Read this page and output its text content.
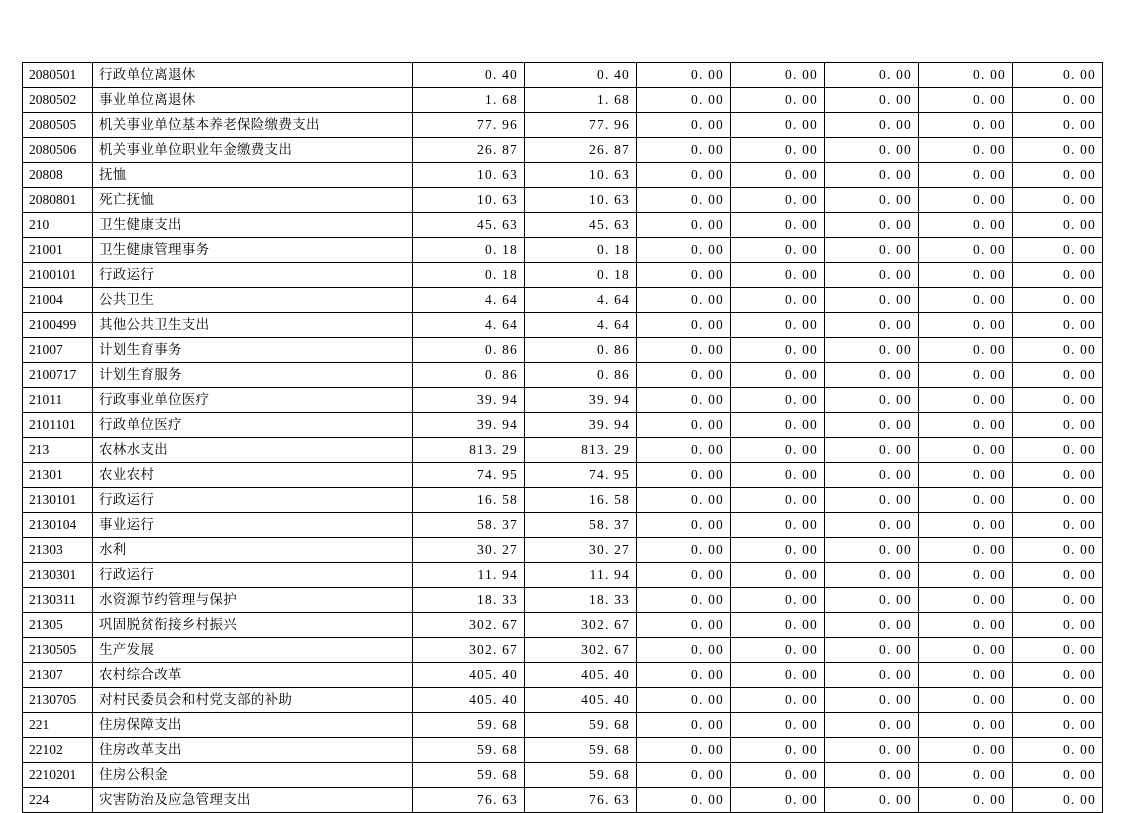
2080501	行政单位离退休	0. 40	0. 40	0. 00	0. 00	0. 00	0. 00	0. 00
2080502	事业单位离退休	1. 68	1. 68	0. 00	0. 00	0. 00	0. 00	0. 00
2080505	机关事业单位基本养老保险缴费支出	77. 96	77. 96	0. 00	0. 00	0. 00	0. 00	0. 00
2080506	机关事业单位职业年金缴费支出	26. 87	26. 87	0. 00	0. 00	0. 00	0. 00	0. 00
20808	抚恤	10. 63	10. 63	0. 00	0. 00	0. 00	0. 00	0. 00
2080801	死亡抚恤	10. 63	10. 63	0. 00	0. 00	0. 00	0. 00	0. 00
210	卫生健康支出	45. 63	45. 63	0. 00	0. 00	0. 00	0. 00	0. 00
21001	卫生健康管理事务	0. 18	0. 18	0. 00	0. 00	0. 00	0. 00	0. 00
2100101	行政运行	0. 18	0. 18	0. 00	0. 00	0. 00	0. 00	0. 00
21004	公共卫生	4. 64	4. 64	0. 00	0. 00	0. 00	0. 00	0. 00
2100499	其他公共卫生支出	4. 64	4. 64	0. 00	0. 00	0. 00	0. 00	0. 00
21007	计划生育事务	0. 86	0. 86	0. 00	0. 00	0. 00	0. 00	0. 00
2100717	计划生育服务	0. 86	0. 86	0. 00	0. 00	0. 00	0. 00	0. 00
21011	行政事业单位医疗	39. 94	39. 94	0. 00	0. 00	0. 00	0. 00	0. 00
2101101	行政单位医疗	39. 94	39. 94	0. 00	0. 00	0. 00	0. 00	0. 00
213	农林水支出	813. 29	813. 29	0. 00	0. 00	0. 00	0. 00	0. 00
21301	农业农村	74. 95	74. 95	0. 00	0. 00	0. 00	0. 00	0. 00
2130101	行政运行	16. 58	16. 58	0. 00	0. 00	0. 00	0. 00	0. 00
2130104	事业运行	58. 37	58. 37	0. 00	0. 00	0. 00	0. 00	0. 00
21303	水利	30. 27	30. 27	0. 00	0. 00	0. 00	0. 00	0. 00
2130301	行政运行	11. 94	11. 94	0. 00	0. 00	0. 00	0. 00	0. 00
2130311	水资源节约管理与保护	18. 33	18. 33	0. 00	0. 00	0. 00	0. 00	0. 00
21305	巩固脱贫衔接乡村振兴	302. 67	302. 67	0. 00	0. 00	0. 00	0. 00	0. 00
2130505	生产发展	302. 67	302. 67	0. 00	0. 00	0. 00	0. 00	0. 00
21307	农村综合改革	405. 40	405. 40	0. 00	0. 00	0. 00	0. 00	0. 00
2130705	对村民委员会和村党支部的补助	405. 40	405. 40	0. 00	0. 00	0. 00	0. 00	0. 00
221	住房保障支出	59. 68	59. 68	0. 00	0. 00	0. 00	0. 00	0. 00
22102	住房改革支出	59. 68	59. 68	0. 00	0. 00	0. 00	0. 00	0. 00
2210201	住房公积金	59. 68	59. 68	0. 00	0. 00	0. 00	0. 00	0. 00
224	灾害防治及应急管理支出	76. 63	76. 63	0. 00	0. 00	0. 00	0. 00	0. 00
